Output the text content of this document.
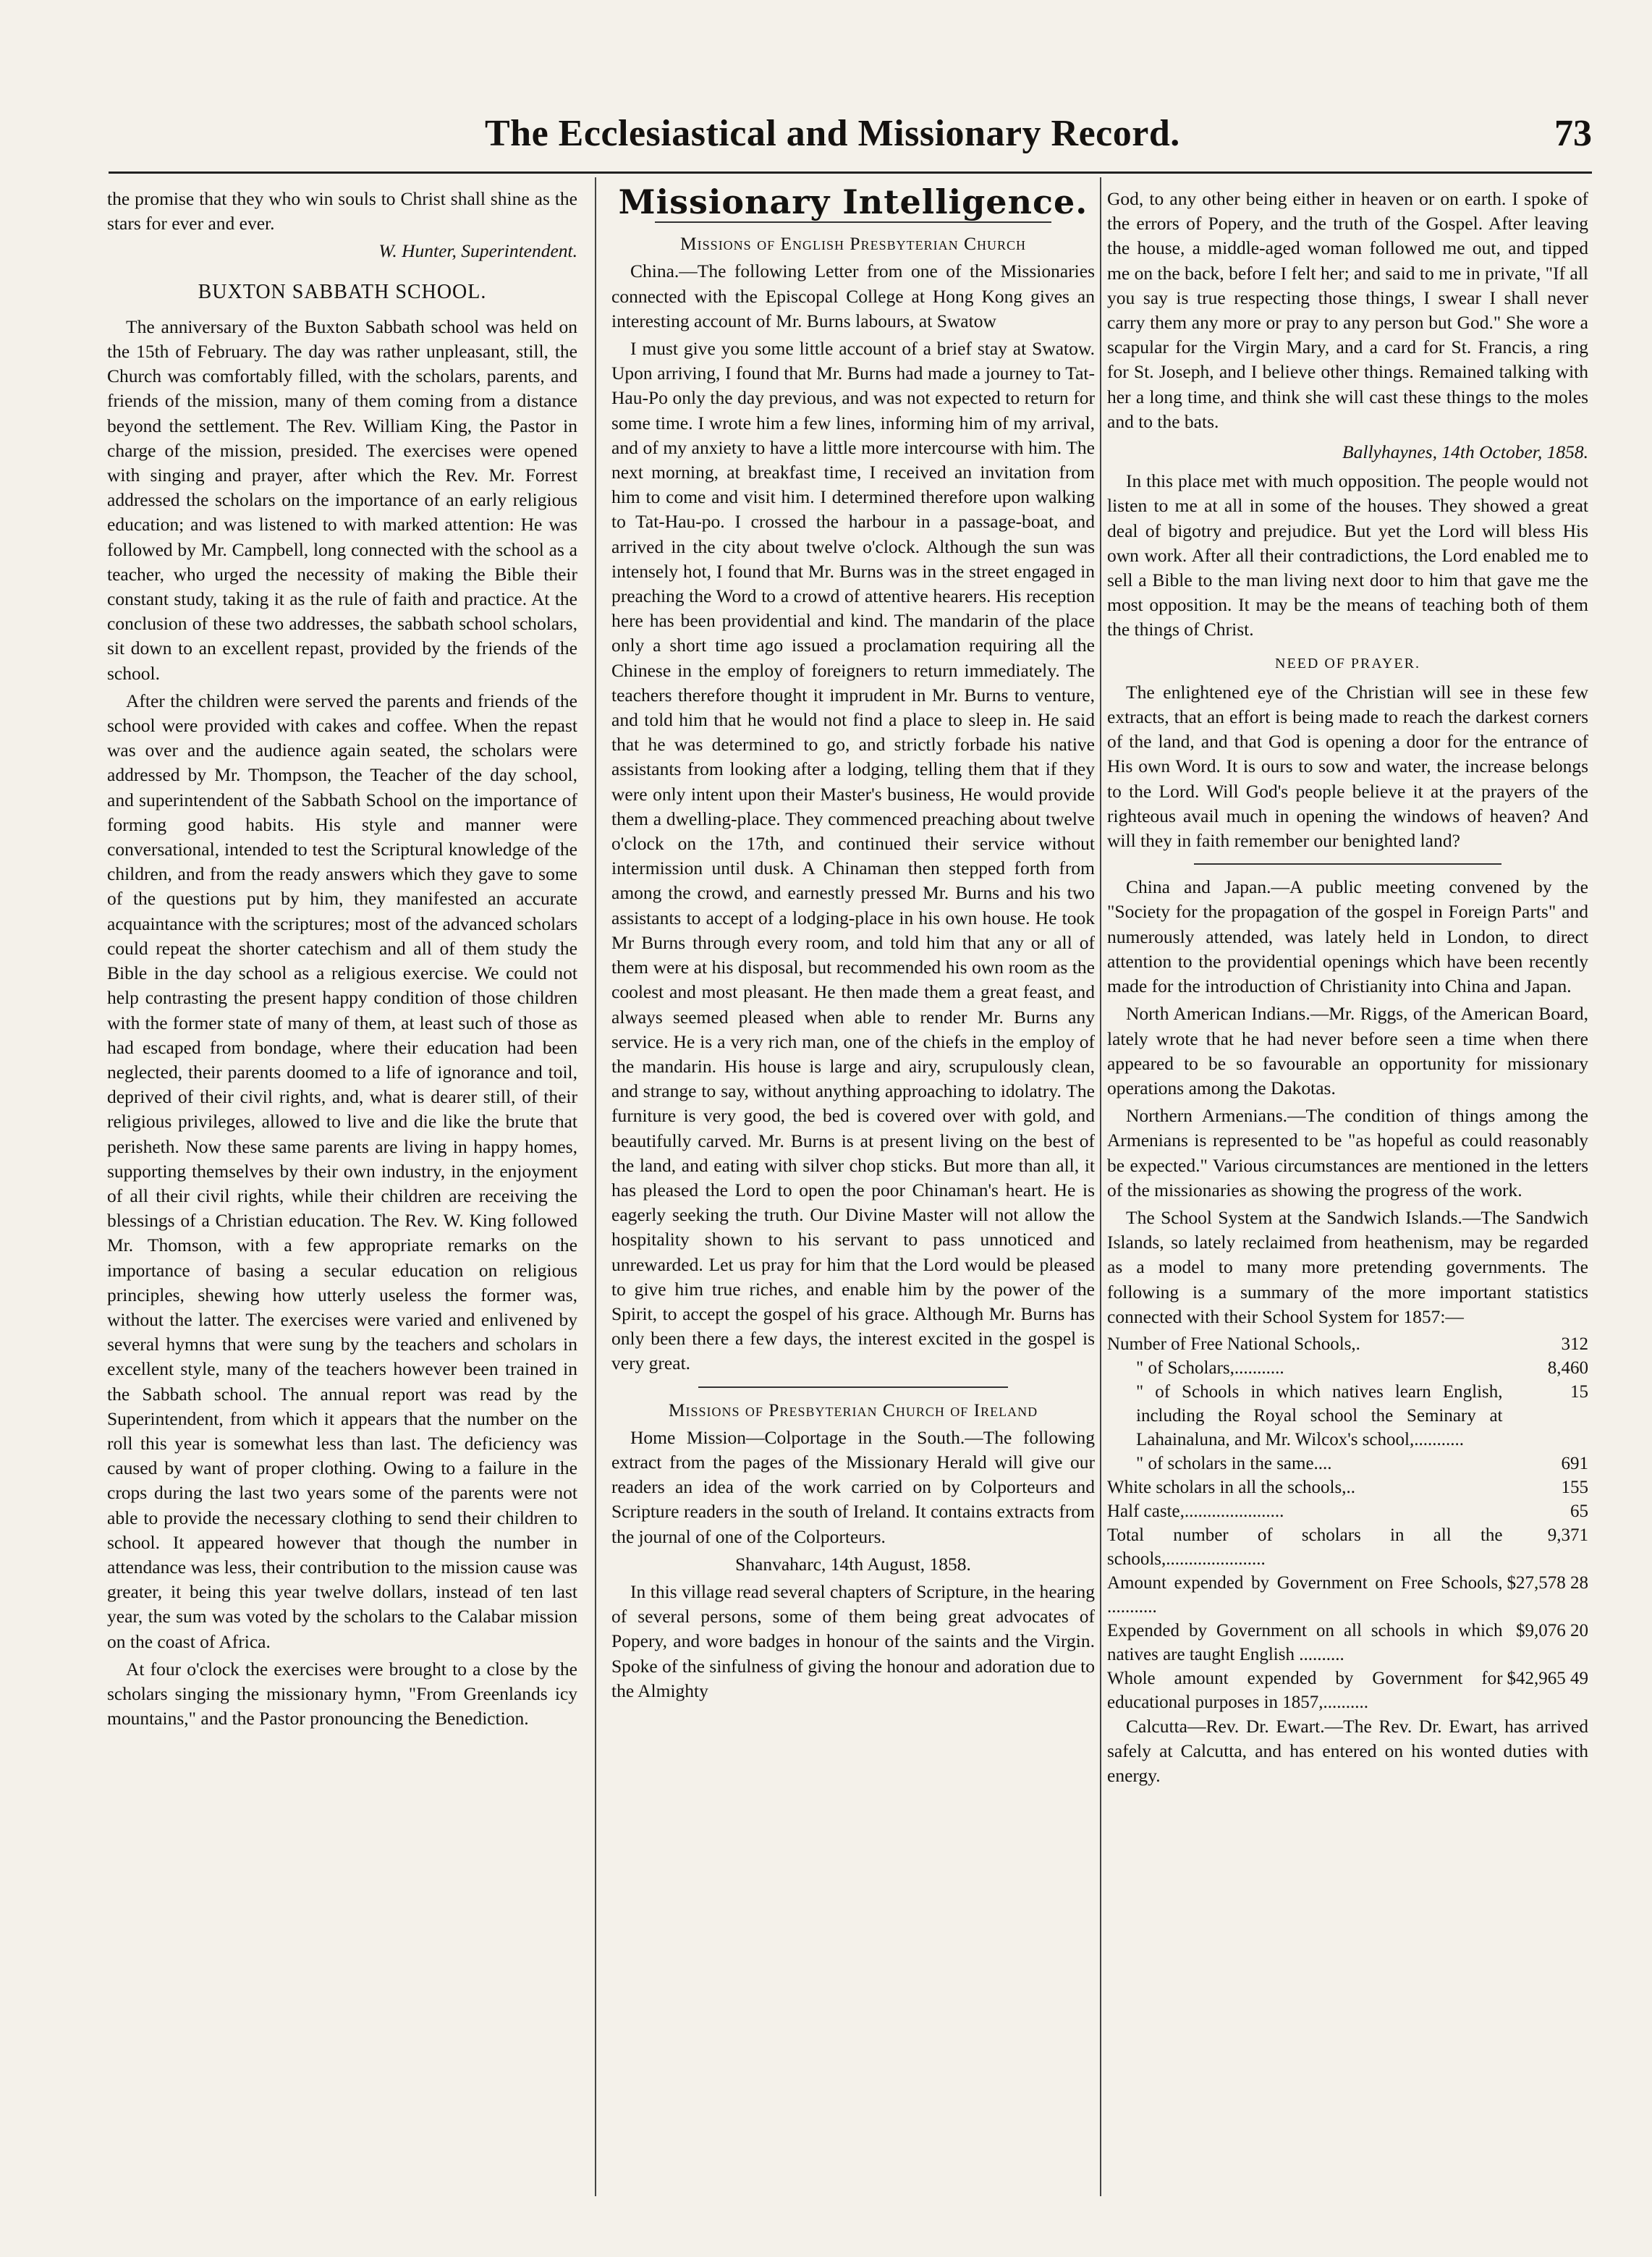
The Ecclesiastical and Missionary Record.	73

the promise that they who win souls to Christ shall shine as the stars for ever and ever.

W. Hunter, Superintendent.
BUXTON SABBATH SCHOOL.

The anniversary of the Buxton Sabbath school was held on the 15th of February. The day was rather unpleasant, still, the Church was comfortably filled, with the scholars, parents, and friends of the mission, many of them coming from a distance beyond the settlement. The Rev. William King, the Pastor in charge of the mission, presided. The exercises were opened with singing and prayer, after which the Rev. Mr. Forrest addressed the scholars on the importance of an early religious education; and was listened to with marked attention: He was followed by Mr. Campbell, long connected with the school as a teacher, who urged the necessity of making the Bible their constant study, taking it as the rule of faith and practice. At the conclusion of these two addresses, the sabbath school scholars, sit down to an excellent repast, provided by the friends of the school.

After the children were served the parents and friends of the school were provided with cakes and coffee. When the repast was over and the audience again seated, the scholars were addressed by Mr. Thompson, the Teacher of the day school, and superintendent of the Sabbath School on the importance of forming good habits. His style and manner were conversational, intended to test the Scriptural knowledge of the children, and from the ready answers which they gave to some of the questions put by him, they manifested an accurate acquaintance with the scriptures; most of the advanced scholars could repeat the shorter catechism and all of them study the Bible in the day school as a religious exercise. We could not help contrasting the present happy condition of those children with the former state of many of them, at least such of those as had escaped from bondage, where their education had been neglected, their parents doomed to a life of ignorance and toil, deprived of their civil rights, and, what is dearer still, of their religious privileges, allowed to live and die like the brute that perisheth. Now these same parents are living in happy homes, supporting themselves by their own industry, in the enjoyment of all their civil rights, while their children are receiving the blessings of a Christian education. The Rev. W. King followed Mr. Thomson, with a few appropriate remarks on the importance of basing a secular education on religious principles, shewing how utterly useless the former was, without the latter. The exercises were varied and enlivened by several hymns that were sung by the teachers and scholars in excellent style, many of the teachers however been trained in the Sabbath school. The annual report was read by the Superintendent, from which it appears that the number on the roll this year is somewhat less than last. The deficiency was caused by want of proper clothing. Owing to a failure in the crops during the last two years some of the parents were not able to provide the necessary clothing to send their children to school. It appeared however that though the number in attendance was less, their contribution to the mission cause was greater, it being this year twelve dollars, instead of ten last year, the sum was voted by the scholars to the Calabar mission on the coast of Africa.

At four o'clock the exercises were brought to a close by the scholars singing the missionary hymn, "From Greenlands icy mountains," and the Pastor pronouncing the Benediction.

Missionary Intelligence.

Missions of English Presbyterian Church

China.—The following Letter from one of the Missionaries connected with the Episcopal College at Hong Kong gives an interesting account of Mr. Burns labours, at Swatow

I must give you some little account of a brief stay at Swatow. Upon arriving, I found that Mr. Burns had made a journey to Tat-Hau-Po only the day previous, and was not expected to return for some time. I wrote him a few lines, informing him of my arrival, and of my anxiety to have a little more intercourse with him. The next morning, at breakfast time, I received an invitation from him to come and visit him. I determined therefore upon walking to Tat-Hau-po. I crossed the harbour in a passage-boat, and arrived in the city about twelve o'clock. Although the sun was intensely hot, I found that Mr. Burns was in the street engaged in preaching the Word to a crowd of attentive hearers. His reception here has been providential and kind. The mandarin of the place only a short time ago issued a proclamation requiring all the Chinese in the employ of foreigners to return immediately. The teachers therefore thought it imprudent in Mr. Burns to venture, and told him that he would not find a place to sleep in. He said that he was determined to go, and strictly forbade his native assistants from looking after a lodging, telling them that if they were only intent upon their Master's business, He would provide them a dwelling-place. They commenced preaching about twelve o'clock on the 17th, and continued their service without intermission until dusk. A Chinaman then stepped forth from among the crowd, and earnestly pressed Mr. Burns and his two assistants to accept of a lodging-place in his own house. He took Mr Burns through every room, and told him that any or all of them were at his disposal, but recommended his own room as the coolest and most pleasant. He then made them a great feast, and always seemed pleased when able to render Mr. Burns any service. He is a very rich man, one of the chiefs in the employ of the mandarin. His house is large and airy, scrupulously clean, and strange to say, without anything approaching to idolatry. The furniture is very good, the bed is covered over with gold, and beautifully carved. Mr. Burns is at present living on the best of the land, and eating with silver chop sticks. But more than all, it has pleased the Lord to open the poor Chinaman's heart. He is eagerly seeking the truth. Our Divine Master will not allow the hospitality shown to his servant to pass unnoticed and unrewarded. Let us pray for him that the Lord would be pleased to give him true riches, and enable him by the power of the Spirit, to accept the gospel of his grace. Although Mr. Burns has only been there a few days, the interest excited in the gospel is very great.

Missions of Presbyterian Church of Ireland

Home Mission—Colportage in the South.—The following extract from the pages of the Missionary Herald will give our readers an idea of the work carried on by Colporteurs and Scripture readers in the south of Ireland. It contains extracts from the journal of one of the Colporteurs.

Shanvaharc, 14th August, 1858.

In this village read several chapters of Scripture, in the hearing of several persons, some of them being great advocates of Popery, and wore badges in honour of the saints and the Virgin. Spoke of the sinfulness of giving the honour and adoration due to the Almighty

God, to any other being either in heaven or on earth. I spoke of the errors of Popery, and the truth of the Gospel. After leaving the house, a middle-aged woman followed me out, and tipped me on the back, before I felt her; and said to me in private, "If all you say is true respecting those things, I swear I shall never carry them any more or pray to any person but God." She wore a scapular for the Virgin Mary, and a card for St. Francis, a ring for St. Joseph, and I believe other things. Remained talking with her a long time, and think she will cast these things to the moles and to the bats.

Ballyhaynes, 14th October, 1858.

In this place met with much opposition. The people would not listen to me at all in some of the houses. They showed a great deal of bigotry and prejudice. But yet the Lord will bless His own work. After all their contradictions, the Lord enabled me to sell a Bible to the man living next door to him that gave me the most opposition. It may be the means of teaching both of them the things of Christ.

NEED OF PRAYER.

The enlightened eye of the Christian will see in these few extracts, that an effort is being made to reach the darkest corners of the land, and that God is opening a door for the entrance of His own Word. It is ours to sow and water, the increase belongs to the Lord. Will God's people believe it at the prayers of the righteous avail much in opening the windows of heaven? And will they in faith remember our benighted land?

China and Japan.—A public meeting convened by the "Society for the propagation of the gospel in Foreign Parts" and numerously attended, was lately held in London, to direct attention to the providential openings which have been recently made for the introduction of Christianity into China and Japan.

North American Indians.—Mr. Riggs, of the American Board, lately wrote that he had never before seen a time when there appeared to be so favourable an opportunity for missionary operations among the Dakotas.

Northern Armenians.—The condition of things among the Armenians is represented to be "as hopeful as could reasonably be expected." Various circumstances are mentioned in the letters of the missionaries as showing the progress of the work.

The School System at the Sandwich Islands.—The Sandwich Islands, so lately reclaimed from heathenism, may be regarded as a model to many more pretending governments. The following is a summary of the more important statistics connected with their School System for 1857:—

Number of Free National Schools,.	312
" of Scholars,...........	8,460
" of Schools in which natives learn English, including the Royal school the Seminary at Lahainaluna, and Mr. Wilcox's school,...........	15
" of scholars in the same....	691
White scholars in all the schools,..	155
Half caste,......................	65
Total number of scholars in all the schools,......................	9,371
Amount expended by Government on Free Schools, ...........	$27,578 28
Expended by Government on all schools in which natives are taught English ..........	$9,076 20
Whole amount expended by Government for educational purposes in 1857,..........	$42,965 49

Calcutta—Rev. Dr. Ewart.—The Rev. Dr. Ewart, has arrived safely at Calcutta, and has entered on his wonted duties with energy.
